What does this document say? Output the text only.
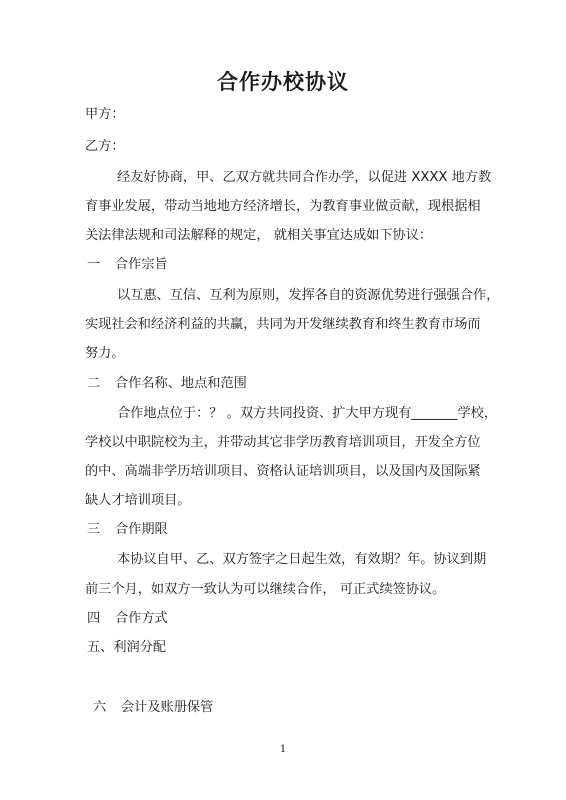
合作办校协议
甲方：
乙方：
经友好协商，甲、乙双方就共同合作办学，以促进 XXXX 地方教
育事业发展，带动当地地方经济增长，为教育事业做贡献，现根据相
关法律法规和司法解释的规定， 就相关事宜达成如下协议：
一 合作宗旨
以互惠、互信、互利为原则，发挥各自的资源优势进行强强合作，
实现社会和经济利益的共赢，共同为开发继续教育和终生教育市场而
努力。
二 合作名称、地点和范围
合作地点位于：？ 。双方共同投资、扩大甲方现有_______学校，
学校以中职院校为主，并带动其它非学历教育培训项目，开发全方位
的中、高端非学历培训项目、资格认证培训项目，以及国内及国际紧
缺人才培训项目。
三 合作期限
本协议自甲、乙、双方签字之日起生效，有效期？年。协议到期
前三个月，如双方一致认为可以继续合作， 可正式续签协议。
四 合作方式
五、利润分配
六 会计及账册保管
1
